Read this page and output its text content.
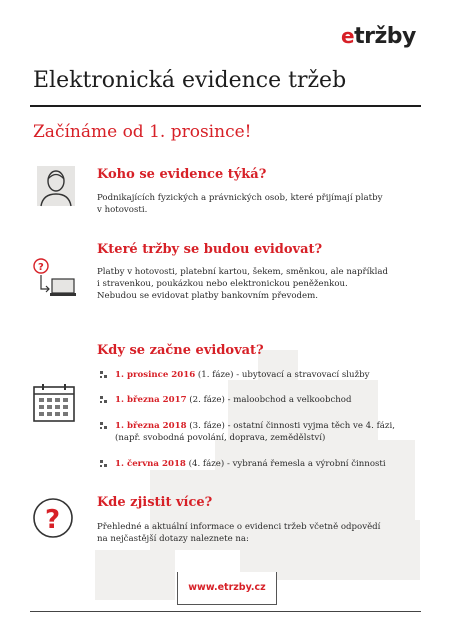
etržby
Elektronická evidence tržeb
Začínáme od 1. prosince!
Koho se evidence týká?
Podnikajících fyzických a právnických osob, které přijímají platby
v hotovosti.
?
Které tržby se budou evidovat?
Platby v hotovosti, platební kartou, šekem, směnkou, ale například
i stravenkou, poukázkou nebo elektronickou peněženkou.
Nebudou se evidovat platby bankovním převodem.
Kdy se začne evidovat?
1. prosince 2016 (1. fáze) - ubytovací a stravovací služby
1. března 2017 (2. fáze) - maloobchod a velkoobchod
1. března 2018 (3. fáze) - ostatní činnosti vyjma těch ve 4. fázi,
(např. svobodná povolání, doprava, zemědělství)
1. června 2018 (4. fáze) - vybraná řemesla a výrobní činnosti
?
Kde zjistit více?
Přehledné a aktuální informace o evidenci tržeb včetně odpovědí
na nejčastější dotazy naleznete na:
www.etrzby.cz
